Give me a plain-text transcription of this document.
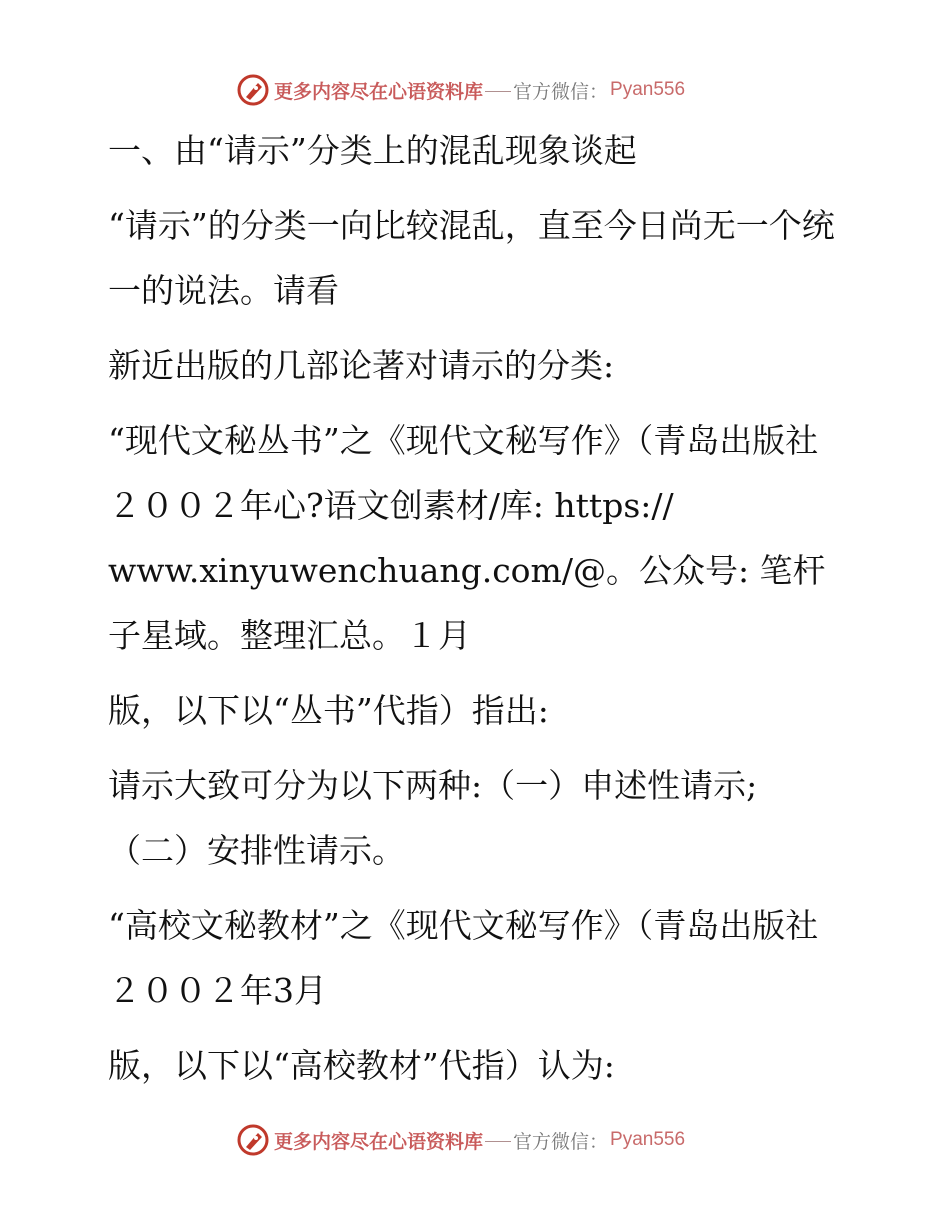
更多内容尽在心语资料库 官方微信： Pyan556

一、由“请示”分类上的混乱现象谈起

“请示”的分类一向比较混乱，直至今日尚无一个统一的说法。请看

新近出版的几部论著对请示的分类:

“现代文秘丛书”之《现代文秘写作》（青岛出版社２００２年心?语文创素材/库: https:// www.xinyuwenchuang.com/@。公众号: 笔杆子星域。整理汇总。１月

版，以下以“丛书”代指）指出:

请示大致可分为以下两种:（一）申述性请示;（二）安排性请示。

“高校文秘教材”之《现代文秘写作》（青岛出版社２００２年3月

版，以下以“高校教材”代指）认为:

更多内容尽在心语资料库 官方微信： Pyan556
